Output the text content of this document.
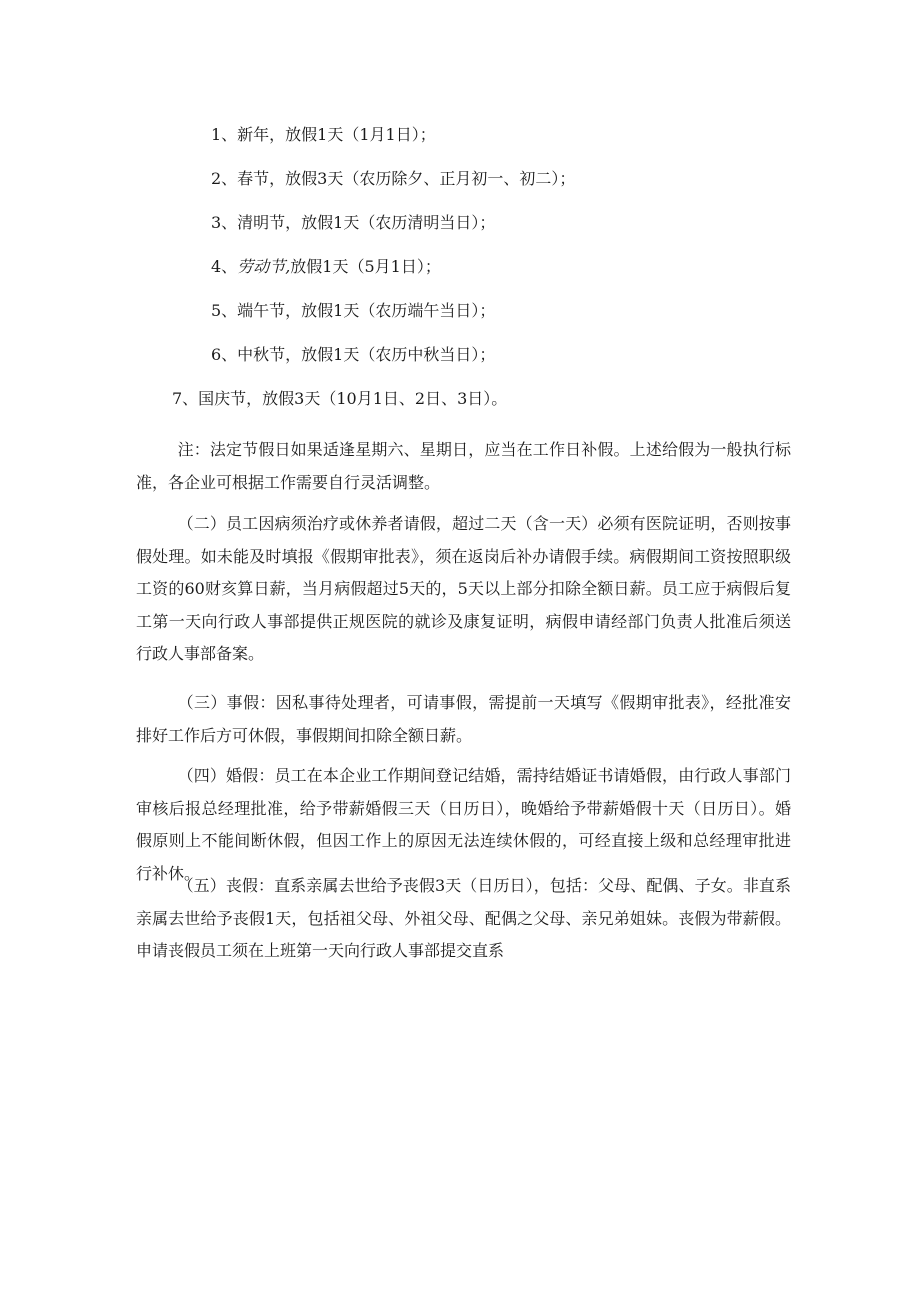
1、新年，放假1天（1月1日）；
2、春节，放假3天（农历除夕、正月初一、初二）；
3、清明节，放假1天（农历清明当日）；
4、劳动节,放假1天（5月1日）；
5、端午节，放假1天（农历端午当日）；
6、中秋节，放假1天（农历中秋当日）；
7、国庆节，放假3天（10月1日、2日、3日）。
注：法定节假日如果适逢星期六、星期日，应当在工作日补假。上述给假为一般执行标准，各企业可根据工作需要自行灵活调整。
（二）员工因病须治疗或休养者请假，超过二天（含一天）必须有医院证明，否则按事假处理。如未能及时填报《假期审批表》，须在返岗后补办请假手续。病假期间工资按照职级工资的60财亥算日薪，当月病假超过5天的，5天以上部分扣除全额日薪。员工应于病假后复工第一天向行政人事部提供正规医院的就诊及康复证明，病假申请经部门负责人批准后须送行政人事部备案。
（三）事假：因私事待处理者，可请事假，需提前一天填写《假期审批表》，经批准安排好工作后方可休假，事假期间扣除全额日薪。
（四）婚假：员工在本企业工作期间登记结婚，需持结婚证书请婚假，由行政人事部门审核后报总经理批准，给予带薪婚假三天（日历日），晚婚给予带薪婚假十天（日历日）。婚假原则上不能间断休假，但因工作上的原因无法连续休假的，可经直接上级和总经理审批进行补休。
（五）丧假：直系亲属去世给予丧假3天（日历日），包括：父母、配偶、子女。非直系亲属去世给予丧假1天，包括祖父母、外祖父母、配偶之父母、亲兄弟姐妹。丧假为带薪假。申请丧假员工须在上班第一天向行政人事部提交直系
